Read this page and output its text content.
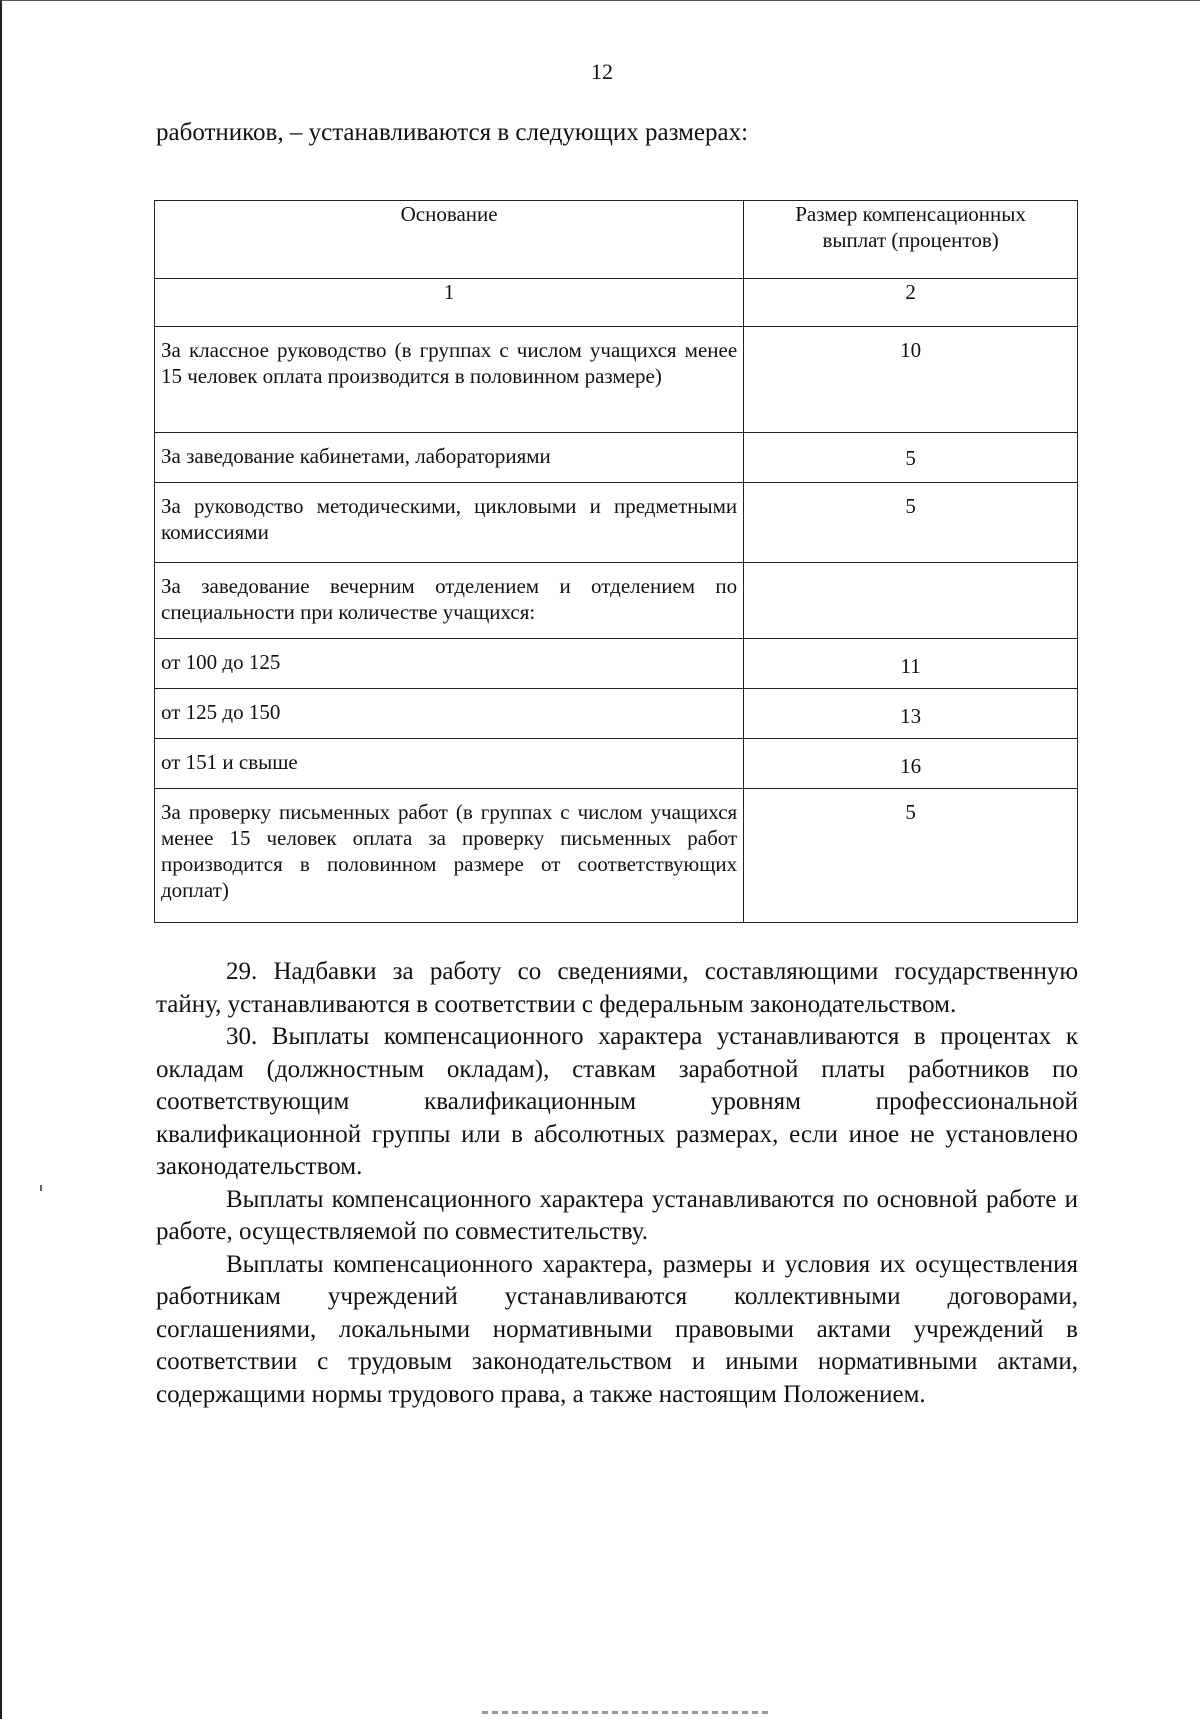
12
работников, – устанавливаются в следующих размерах:
Основание	Размер компенсационных выплат (процентов)
1	2
За классное руководство (в группах с числом учащихся менее 15 человек оплата производится в половинном размере)	10
За заведование кабинетами, лабораториями	5
За руководство методическими, цикловыми и предметными комиссиями	5
За заведование вечерним отделением и отделением по специальности при количестве учащихся:	
от 100 до 125	11
от 125 до 150	13
от 151 и свыше	16
За проверку письменных работ (в группах с числом учащихся менее 15 человек оплата за проверку письменных работ производится в половинном размере от соответствующих доплат)	5

29. Надбавки за работу со сведениями, составляющими государственную тайну, устанавливаются в соответствии с федеральным законодательством.

30. Выплаты компенсационного характера устанавливаются в процентах к окладам (должностным окладам), ставкам заработной платы работников по соответствующим квалификационным уровням профессиональной квалификационной группы или в абсолютных размерах, если иное не установлено законодательством.

Выплаты компенсационного характера устанавливаются по основной работе и работе, осуществляемой по совместительству.

Выплаты компенсационного характера, размеры и условия их осуществления работникам учреждений устанавливаются коллективными договорами, соглашениями, локальными нормативными правовыми актами учреждений в соответствии с трудовым законодательством и иными нормативными актами, содержащими нормы трудового права, а также настоящим Положением.
